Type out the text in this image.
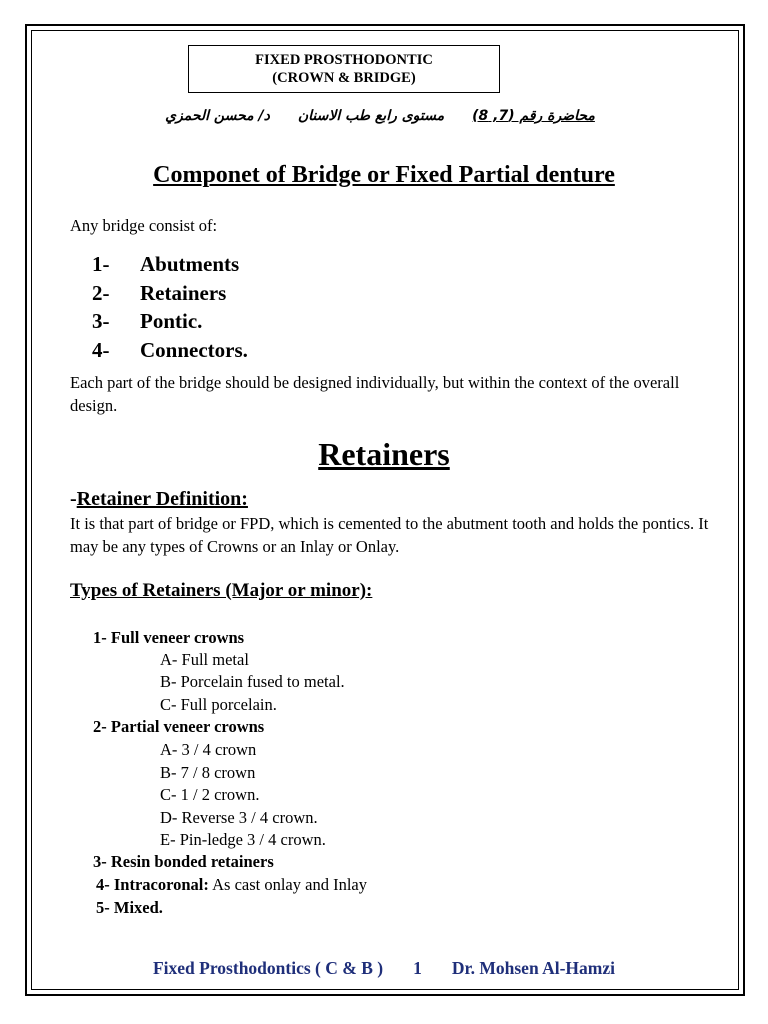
FIXED PROSTHODONTIC
(CROWN & BRIDGE)
محاضرة رقم (7, 8)مستوى رابع طب الاسناند/ محسن الحمزي
Componet of Bridge or Fixed Partial denture
Any bridge consist of:
1- Abutments
2- Retainers
3- Pontic.
4- Connectors.
Each part of the bridge should be designed individually, but within the context of the overall design.
Retainers
-Retainer Definition:
It is that part of bridge or FPD, which is cemented to the abutment tooth and holds the pontics. It may be any types of Crowns or an Inlay or Onlay.
Types of Retainers (Major or minor):
1- Full veneer crowns
A- Full metal
B- Porcelain fused to metal.
C- Full porcelain.
2- Partial veneer crowns
A- 3 / 4 crown
B- 7 / 8 crown
C- 1 / 2 crown.
D- Reverse 3 / 4 crown.
E- Pin-ledge 3 / 4 crown.
3- Resin bonded retainers
4- Intracoronal: As cast onlay and Inlay
5- Mixed.
Fixed Prosthodontics ( C & B ) 1 Dr. Mohsen Al-Hamzi
